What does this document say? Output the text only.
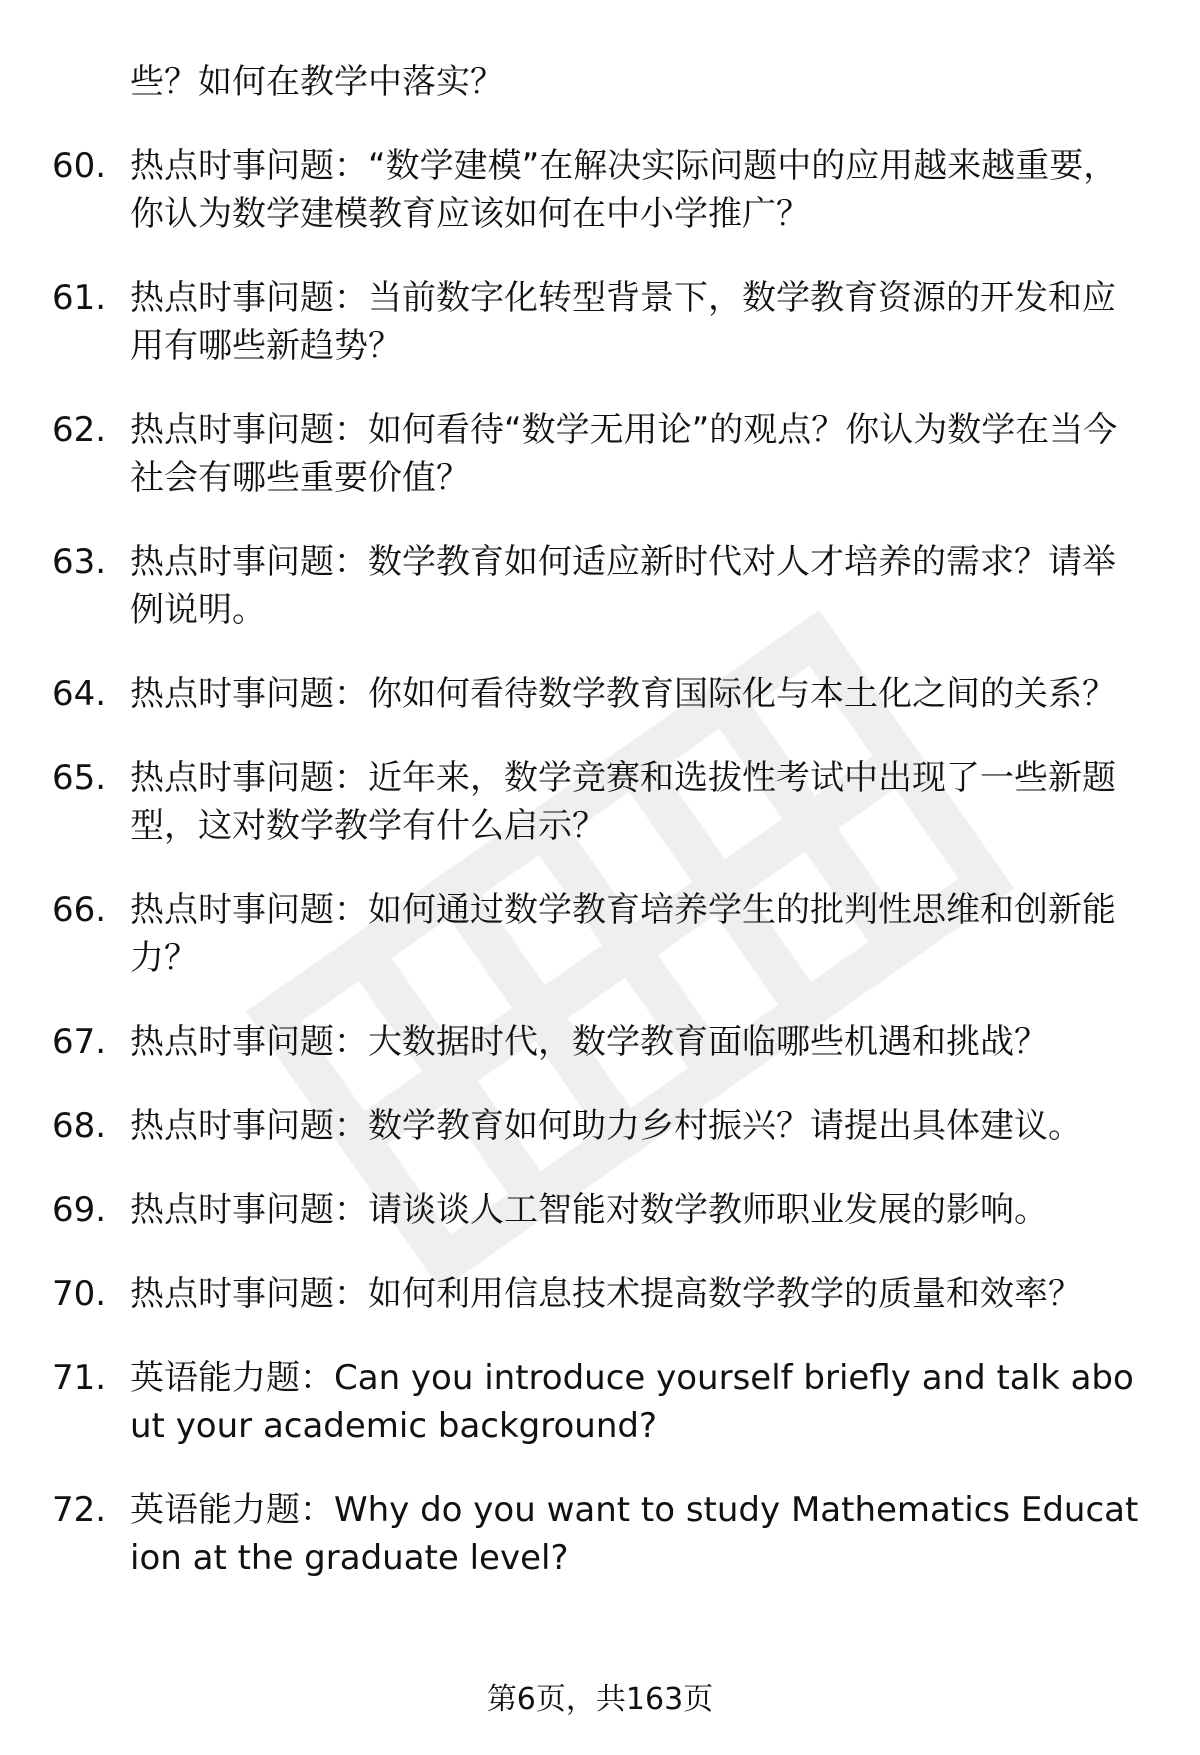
些？如何在教学中落实？

60. 热点时事问题：“数学建模”在解决实际问题中的应用越来越重要，你认为数学建模教育应该如何在中小学推广？

61. 热点时事问题：当前数字化转型背景下，数学教育资源的开发和应用有哪些新趋势？

62. 热点时事问题：如何看待“数学无用论”的观点？你认为数学在当今社会有哪些重要价值？

63. 热点时事问题：数学教育如何适应新时代对人才培养的需求？请举例说明。

64. 热点时事问题：你如何看待数学教育国际化与本土化之间的关系？

65. 热点时事问题：近年来，数学竞赛和选拔性考试中出现了一些新题型，这对数学教学有什么启示？

66. 热点时事问题：如何通过数学教育培养学生的批判性思维和创新能力？

67. 热点时事问题：大数据时代，数学教育面临哪些机遇和挑战？

68. 热点时事问题：数学教育如何助力乡村振兴？请提出具体建议。

69. 热点时事问题：请谈谈人工智能对数学教师职业发展的影响。

70. 热点时事问题：如何利用信息技术提高数学教学的质量和效率？

71. 英语能力题：Can you introduce yourself briefly and talk about your academic background?

72. 英语能力题：Why do you want to study Mathematics Education at the graduate level?

第6页，共163页
